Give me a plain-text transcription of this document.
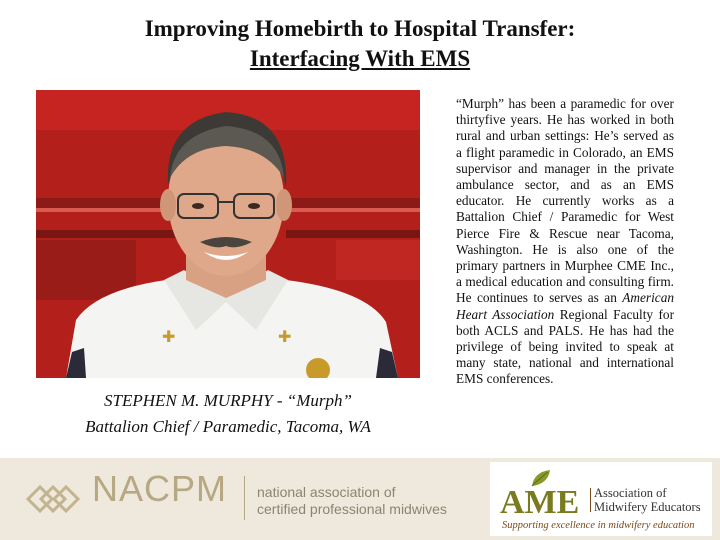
Improving Homebirth to Hospital Transfer:
Interfacing With EMS
✚	✚
STEPHEN M. MURPHY - “Murph”
Battalion Chief / Paramedic, Tacoma, WA

“Murph” has been a paramedic for over thirtyfive years. He has worked in both rural and urban settings: He’s served as a flight paramedic in Colorado, an EMS supervisor and manager in the private ambulance sector, and as an EMS educator. He currently works as a Battalion Chief / Paramedic for West Pierce Fire & Rescue near Tacoma, Washington. He is also one of the primary partners in Murphee CME Inc., a medical education and consulting firm. He continues to serves as an American Heart Association Regional Faculty for both ACLS and PALS. He has had the privilege of being invited to speak at many state, national and international EMS conferences.

NACPM national association of
certified professional midwives AME Association of
Midwifery Educators
Supporting excellence in midwifery education
